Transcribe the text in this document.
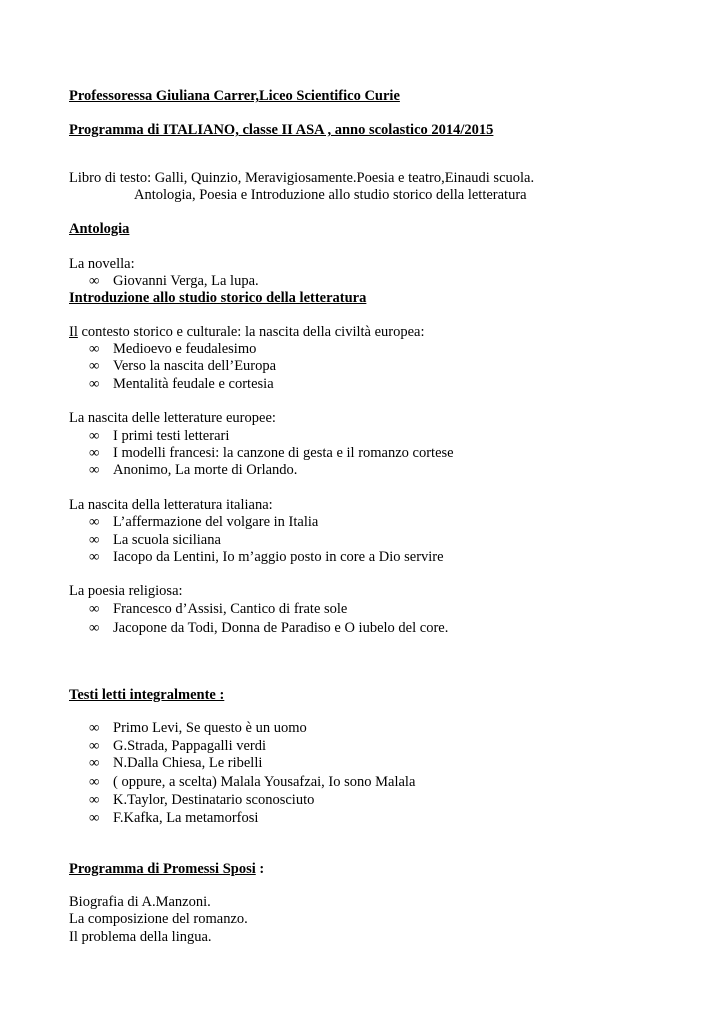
Professoressa Giuliana Carrer,Liceo Scientifico Curie
Programma di ITALIANO, classe II ASA , anno scolastico 2014/2015
Libro di testo: Galli, Quinzio, Meravigiosamente.Poesia e teatro,Einaudi scuola.
Antologia, Poesia e Introduzione allo studio storico della letteratura
Antologia
La novella:
∞ Giovanni Verga, La lupa.
Introduzione allo studio storico della letteratura
Il contesto storico e culturale: la nascita della civiltà europea:
∞ Medioevo e feudalesimo
∞ Verso la nascita dell’Europa
∞ Mentalità feudale e cortesia
La nascita delle letterature europee:
∞ I primi testi letterari
∞ I modelli francesi: la canzone di gesta e il romanzo cortese
∞ Anonimo, La morte di Orlando.
La nascita della letteratura italiana:
∞ L’affermazione del volgare in Italia
∞ La scuola siciliana
∞ Iacopo da Lentini, Io m’aggio posto in core a Dio servire
La poesia religiosa:
∞ Francesco d’Assisi, Cantico di frate sole
∞ Jacopone da Todi, Donna de Paradiso e O iubelo del core.
Testi letti integralmente :
∞ Primo Levi, Se questo è un uomo
∞ G.Strada, Pappagalli verdi
∞ N.Dalla Chiesa, Le ribelli
∞ ( oppure, a scelta) Malala Yousafzai, Io sono Malala
∞ K.Taylor, Destinatario sconosciuto
∞ F.Kafka, La metamorfosi
Programma di Promessi Sposi :
Biografia di A.Manzoni.
La composizione del romanzo.
Il problema della lingua.
